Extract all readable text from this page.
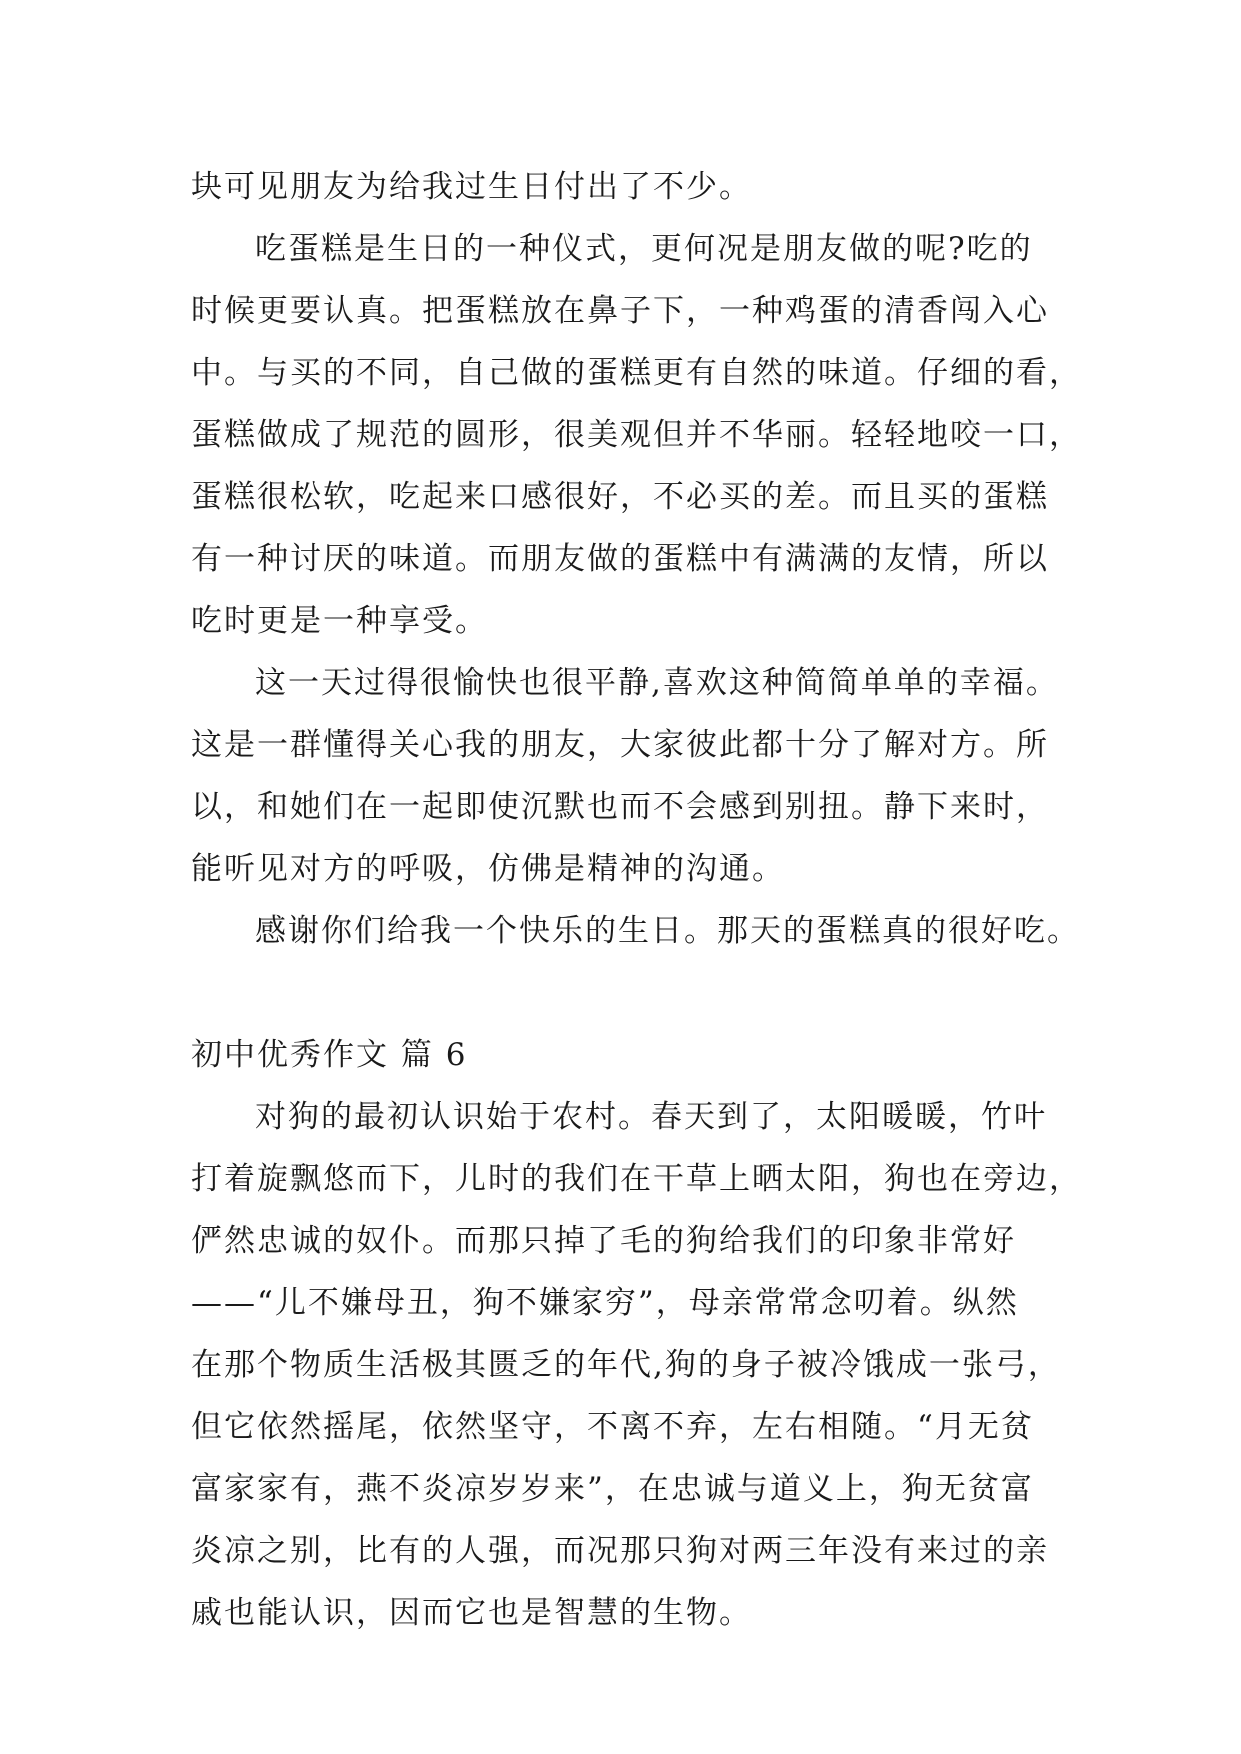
块可见朋友为给我过生日付出了不少。
吃蛋糕是生日的一种仪式，更何况是朋友做的呢?吃的
时候更要认真。把蛋糕放在鼻子下，一种鸡蛋的清香闯入心
中。与买的不同，自己做的蛋糕更有自然的味道。仔细的看，
蛋糕做成了规范的圆形，很美观但并不华丽。轻轻地咬一口，
蛋糕很松软，吃起来口感很好，不必买的差。而且买的蛋糕
有一种讨厌的味道。而朋友做的蛋糕中有满满的友情，所以
吃时更是一种享受。
这一天过得很愉快也很平静,喜欢这种简简单单的幸福。
这是一群懂得关心我的朋友，大家彼此都十分了解对方。所
以，和她们在一起即使沉默也而不会感到别扭。静下来时，
能听见对方的呼吸，仿佛是精神的沟通。
感谢你们给我一个快乐的生日。那天的蛋糕真的很好吃。
初中优秀作文 篇 6
对狗的最初认识始于农村。春天到了，太阳暖暖，竹叶
打着旋飘悠而下，儿时的我们在干草上晒太阳，狗也在旁边，
俨然忠诚的奴仆。而那只掉了毛的狗给我们的印象非常好
——“儿不嫌母丑，狗不嫌家穷”，母亲常常念叨着。纵然
在那个物质生活极其匮乏的年代,狗的身子被冷饿成一张弓，
但它依然摇尾，依然坚守，不离不弃，左右相随。“月无贫
富家家有，燕不炎凉岁岁来”，在忠诚与道义上，狗无贫富
炎凉之别，比有的人强，而况那只狗对两三年没有来过的亲
戚也能认识，因而它也是智慧的生物。
